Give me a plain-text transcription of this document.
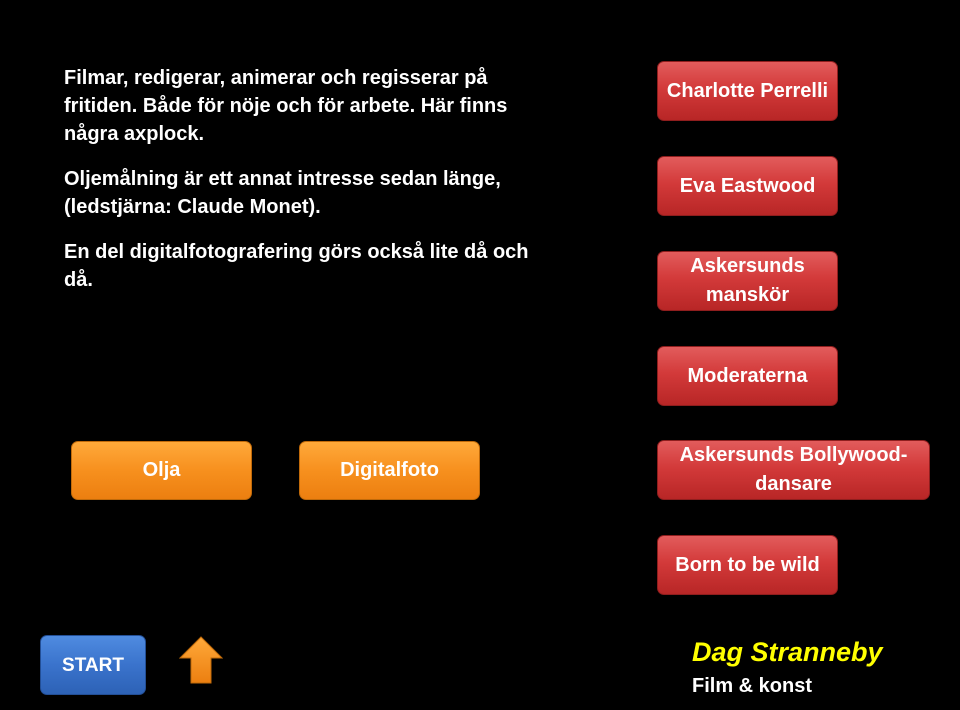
Filmar, redigerar, animerar och regisserar på fritiden. Både för nöje och för arbete. Här finns några axplock.

Oljemålning är ett annat intresse sedan länge, (ledstjärna: Claude Monet).

En del digitalfotografering görs också lite då och då.

Olja	Digitalfoto
Charlotte Perrelli
Eva Eastwood
Askersunds manskör
Moderaterna
Askersunds Bollywood-dansare
Born to be wild
START	Dag Stranneby
Film & konst
